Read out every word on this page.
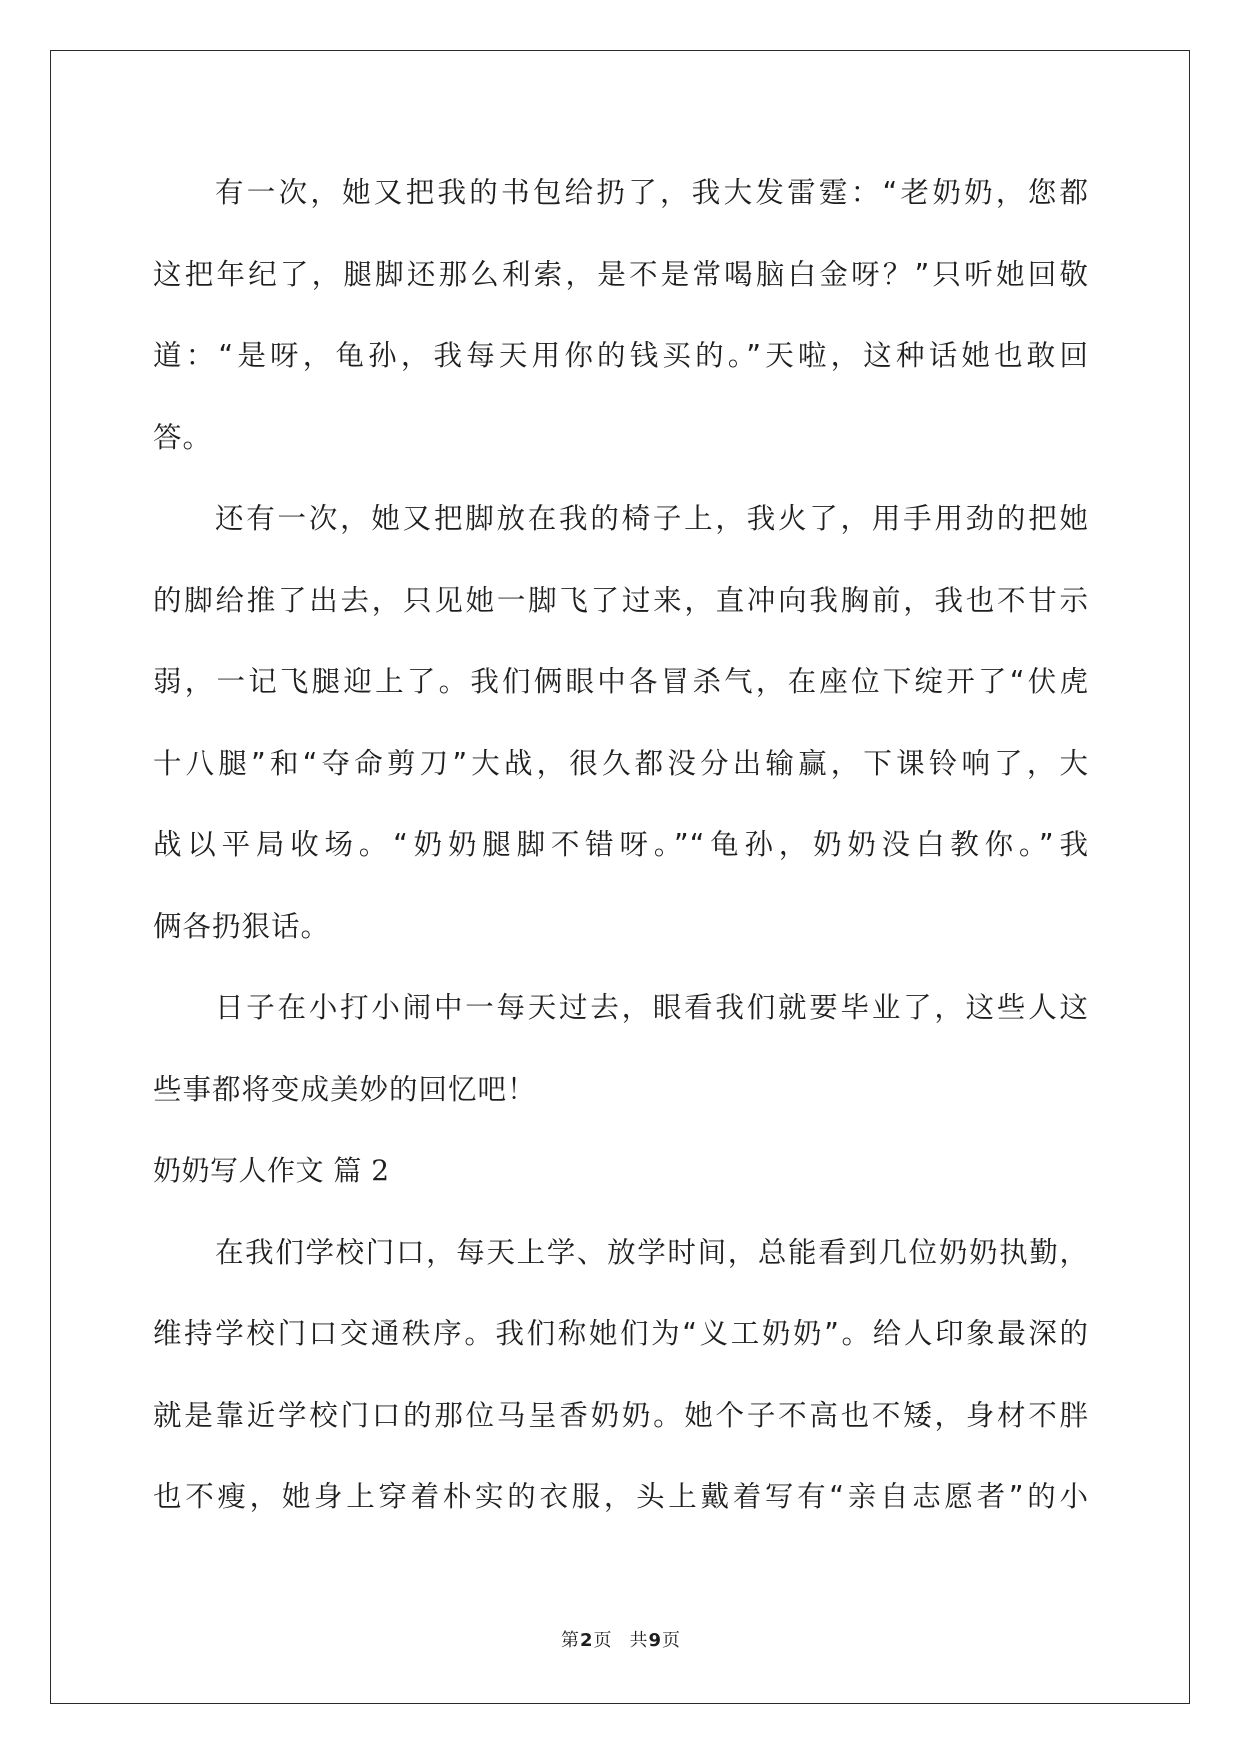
有一次，她又把我的书包给扔了，我大发雷霆：“老奶奶，您都
这把年纪了，腿脚还那么利索，是不是常喝脑白金呀？”只听她回敬
道：“是呀，龟孙，我每天用你的钱买的。”天啦，这种话她也敢回
答。
还有一次，她又把脚放在我的椅子上，我火了，用手用劲的把她
的脚给推了出去，只见她一脚飞了过来，直冲向我胸前，我也不甘示
弱，一记飞腿迎上了。我们俩眼中各冒杀气，在座位下绽开了“伏虎
十八腿”和“夺命剪刀”大战，很久都没分出输赢，下课铃响了，大
战以平局收场。“奶奶腿脚不错呀。”“龟孙，奶奶没白教你。”我
俩各扔狠话。
日子在小打小闹中一每天过去，眼看我们就要毕业了，这些人这
些事都将变成美妙的回忆吧！
奶奶写人作文 篇 2
在我们学校门口，每天上学、放学时间，总能看到几位奶奶执勤，
维持学校门口交通秩序。我们称她们为“义工奶奶”。给人印象最深的
就是靠近学校门口的那位马呈香奶奶。她个子不高也不矮，身材不胖
也不瘦，她身上穿着朴实的衣服，头上戴着写有“亲自志愿者”的小
第2页 共9页
